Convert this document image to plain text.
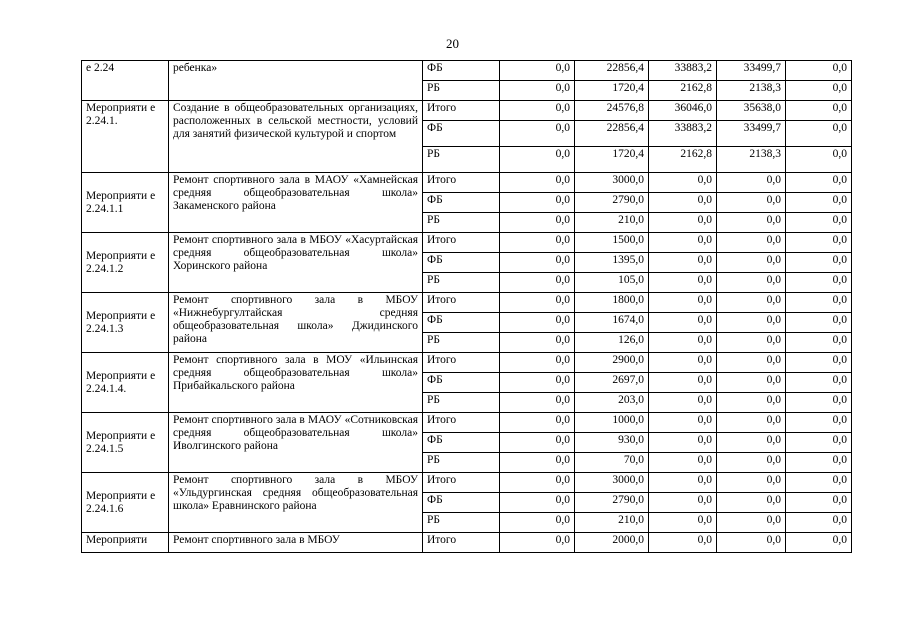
20
е 2.24	ребенка»	ФБ	0,0	22856,4	33883,2	33499,7	0,0
		РБ	0,0	1720,4	2162,8	2138,3	0,0
Мероприяти е 2.24.1.	Создание в общеобразовательных организациях, расположенных в сельской местности, условий для занятий физической культурой и спортом	Итого	0,0	24576,8	36046,0	35638,0	0,0
		ФБ	0,0	22856,4	33883,2	33499,7	0,0
		РБ	0,0	1720,4	2162,8	2138,3	0,0
Мероприяти е 2.24.1.1	Ремонт спортивного зала в МАОУ «Хамнейская средняя общеобразовательная школа» Закаменского района	Итого	0,0	3000,0	0,0	0,0	0,0
		ФБ	0,0	2790,0	0,0	0,0	0,0
		РБ	0,0	210,0	0,0	0,0	0,0
Мероприяти е 2.24.1.2	Ремонт спортивного зала в МБОУ «Хасуртайская средняя общеобразовательная школа» Хоринского района	Итого	0,0	1500,0	0,0	0,0	0,0
		ФБ	0,0	1395,0	0,0	0,0	0,0
		РБ	0,0	105,0	0,0	0,0	0,0
Мероприяти е 2.24.1.3	Ремонт спортивного зала в МБОУ «Нижнебургултайская средняя общеобразовательная школа» Джидинского района	Итого	0,0	1800,0	0,0	0,0	0,0
		ФБ	0,0	1674,0	0,0	0,0	0,0
		РБ	0,0	126,0	0,0	0,0	0,0
Мероприяти е 2.24.1.4.	Ремонт спортивного зала в МОУ «Ильинская средняя общеобразовательная школа» Прибайкальского района	Итого	0,0	2900,0	0,0	0,0	0,0
		ФБ	0,0	2697,0	0,0	0,0	0,0
		РБ	0,0	203,0	0,0	0,0	0,0
Мероприяти е 2.24.1.5	Ремонт спортивного зала в МАОУ «Сотниковская средняя общеобразовательная школа» Иволгинского района	Итого	0,0	1000,0	0,0	0,0	0,0
		ФБ	0,0	930,0	0,0	0,0	0,0
		РБ	0,0	70,0	0,0	0,0	0,0
Мероприяти е 2.24.1.6	Ремонт спортивного зала в МБОУ «Ульдургинская средняя общеобразовательная школа» Еравнинского района	Итого	0,0	3000,0	0,0	0,0	0,0
		ФБ	0,0	2790,0	0,0	0,0	0,0
		РБ	0,0	210,0	0,0	0,0	0,0
Мероприяти	Ремонт спортивного зала в МБОУ	Итого	0,0	2000,0	0,0	0,0	0,0
